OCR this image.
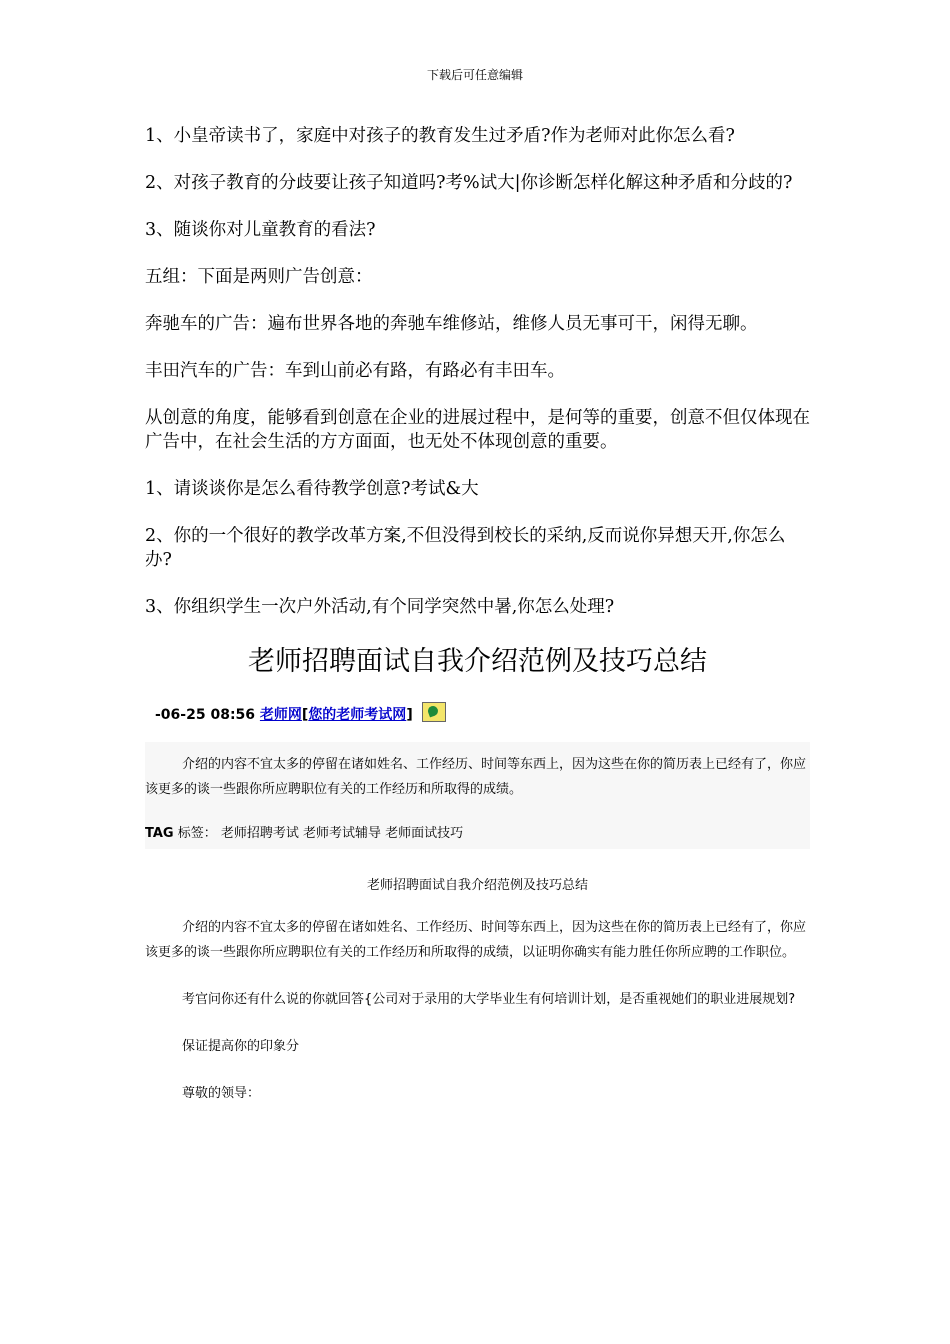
下载后可任意编辑

1、小皇帝读书了，家庭中对孩子的教育发生过矛盾?作为老师对此你怎么看?

2、对孩子教育的分歧要让孩子知道吗?考%试大|你诊断怎样化解这种矛盾和分歧的?

3、随谈你对儿童教育的看法?

五组：下面是两则广告创意：

奔驰车的广告：遍布世界各地的奔驰车维修站，维修人员无事可干，闲得无聊。

丰田汽车的广告：车到山前必有路，有路必有丰田车。

从创意的角度，能够看到创意在企业的进展过程中，是何等的重要，创意不但仅体现在广告中，在社会生活的方方面面，也无处不体现创意的重要。

1、请谈谈你是怎么看待教学创意?考试&大

2、你的一个很好的教学改革方案,不但没得到校长的采纳,反而说你异想天开,你怎么办?

3、你组织学生一次户外活动,有个同学突然中暑,你怎么处理?

老师招聘面试自我介绍范例及技巧总结
-06-25 08:56 老师网[您的老师考试网]

介绍的内容不宜太多的停留在诸如姓名、工作经历、时间等东西上，因为这些在你的简历表上已经有了，你应该更多的谈一些跟你所应聘职位有关的工作经历和所取得的成绩。

TAG 标签： 老师招聘考试 老师考试辅导 老师面试技巧
老师招聘面试自我介绍范例及技巧总结

介绍的内容不宜太多的停留在诸如姓名、工作经历、时间等东西上，因为这些在你的简历表上已经有了，你应该更多的谈一些跟你所应聘职位有关的工作经历和所取得的成绩，以证明你确实有能力胜任你所应聘的工作职位。

考官问你还有什么说的你就回答{公司对于录用的大学毕业生有何培训计划，是否重视她们的职业进展规划?

保证提高你的印象分

尊敬的领导：
